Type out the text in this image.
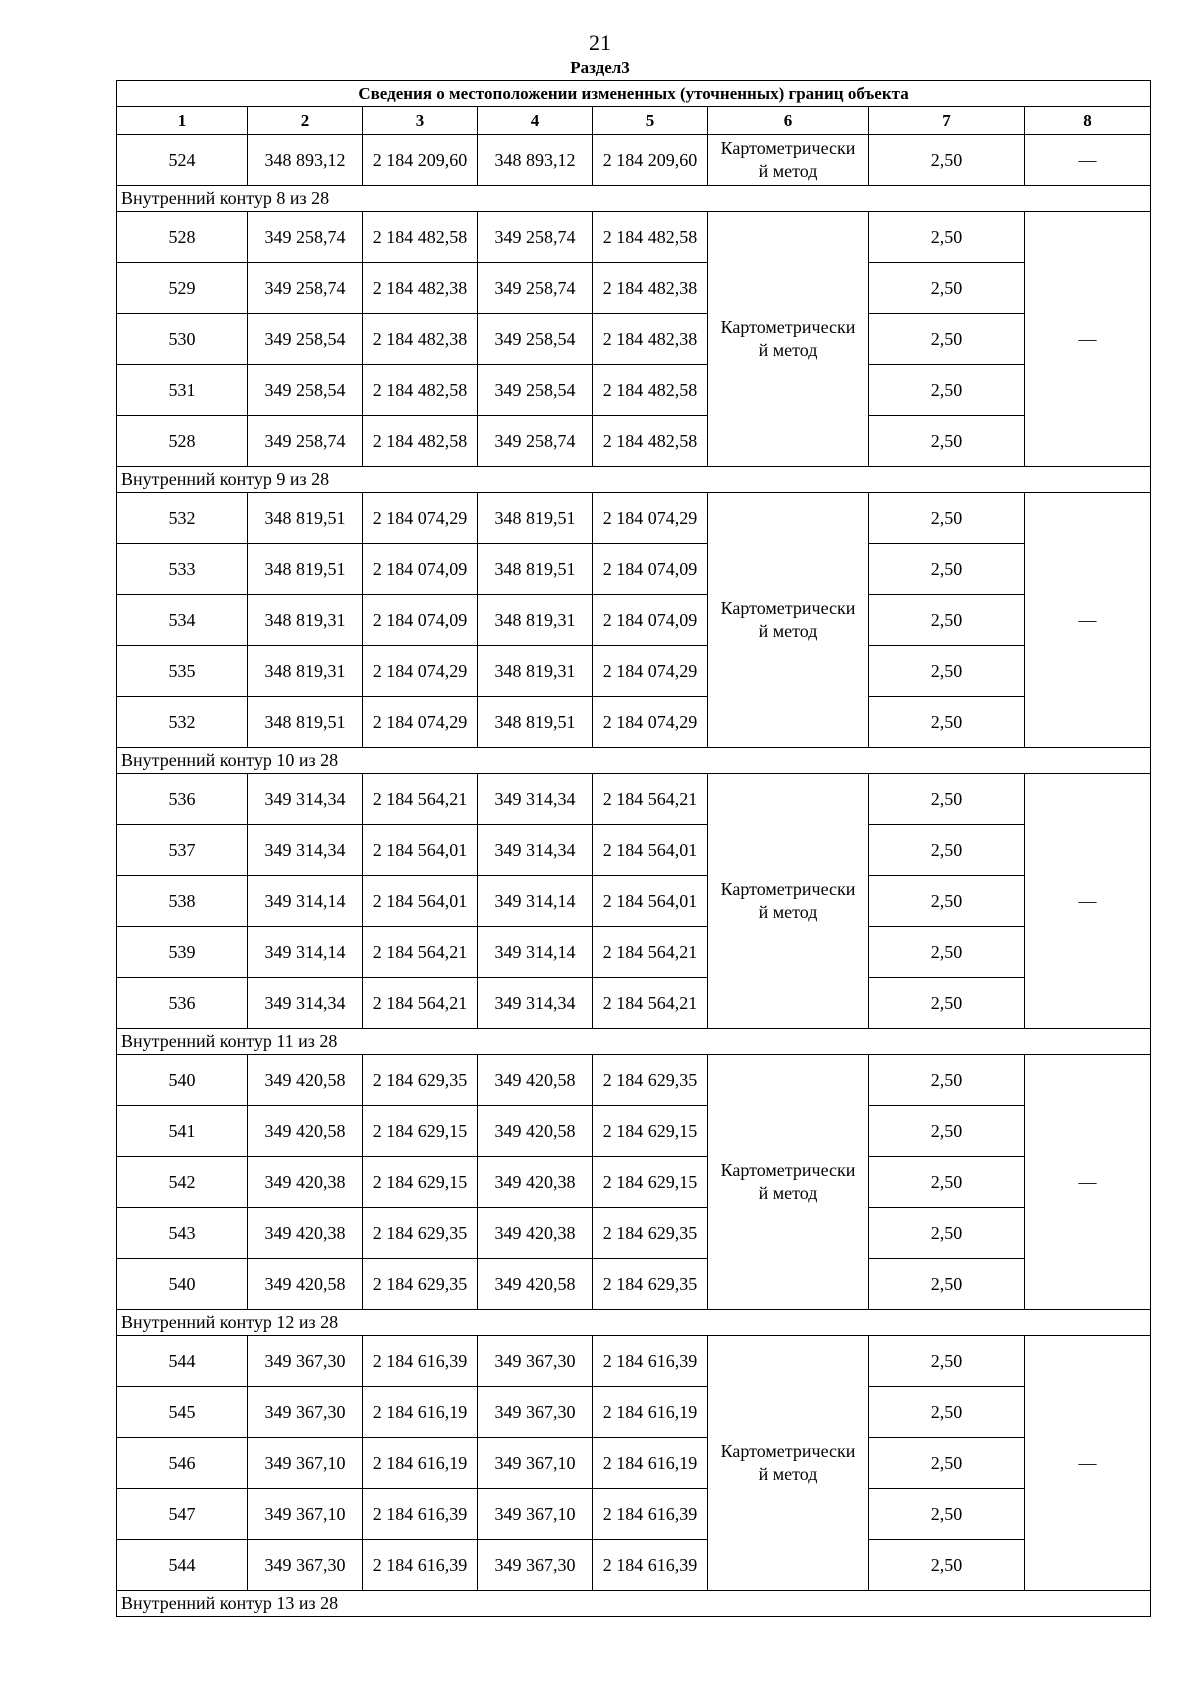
21
Раздел3
Сведения о местоположении измененных (уточненных) границ объекта							
1	2	3	4	5	6	7	8
524	348 893,12	2 184 209,60	348 893,12	2 184 209,60	Картометрически
й метод	2,50	—
Внутренний контур 8 из 28							
528	349 258,74	2 184 482,58	349 258,74	2 184 482,58	Картометрически
й метод	2,50	—
529	349 258,74	2 184 482,38	349 258,74	2 184 482,38		2,50	
530	349 258,54	2 184 482,38	349 258,54	2 184 482,38		2,50	
531	349 258,54	2 184 482,58	349 258,54	2 184 482,58		2,50	
528	349 258,74	2 184 482,58	349 258,74	2 184 482,58		2,50	
Внутренний контур 9 из 28							
532	348 819,51	2 184 074,29	348 819,51	2 184 074,29	Картометрически
й метод	2,50	—
533	348 819,51	2 184 074,09	348 819,51	2 184 074,09		2,50	
534	348 819,31	2 184 074,09	348 819,31	2 184 074,09		2,50	
535	348 819,31	2 184 074,29	348 819,31	2 184 074,29		2,50	
532	348 819,51	2 184 074,29	348 819,51	2 184 074,29		2,50	
Внутренний контур 10 из 28							
536	349 314,34	2 184 564,21	349 314,34	2 184 564,21	Картометрически
й метод	2,50	—
537	349 314,34	2 184 564,01	349 314,34	2 184 564,01		2,50	
538	349 314,14	2 184 564,01	349 314,14	2 184 564,01		2,50	
539	349 314,14	2 184 564,21	349 314,14	2 184 564,21		2,50	
536	349 314,34	2 184 564,21	349 314,34	2 184 564,21		2,50	
Внутренний контур 11 из 28							
540	349 420,58	2 184 629,35	349 420,58	2 184 629,35	Картометрически
й метод	2,50	—
541	349 420,58	2 184 629,15	349 420,58	2 184 629,15		2,50	
542	349 420,38	2 184 629,15	349 420,38	2 184 629,15		2,50	
543	349 420,38	2 184 629,35	349 420,38	2 184 629,35		2,50	
540	349 420,58	2 184 629,35	349 420,58	2 184 629,35		2,50	
Внутренний контур 12 из 28							
544	349 367,30	2 184 616,39	349 367,30	2 184 616,39	Картометрически
й метод	2,50	—
545	349 367,30	2 184 616,19	349 367,30	2 184 616,19		2,50	
546	349 367,10	2 184 616,19	349 367,10	2 184 616,19		2,50	
547	349 367,10	2 184 616,39	349 367,10	2 184 616,39		2,50	
544	349 367,30	2 184 616,39	349 367,30	2 184 616,39		2,50	
Внутренний контур 13 из 28							
